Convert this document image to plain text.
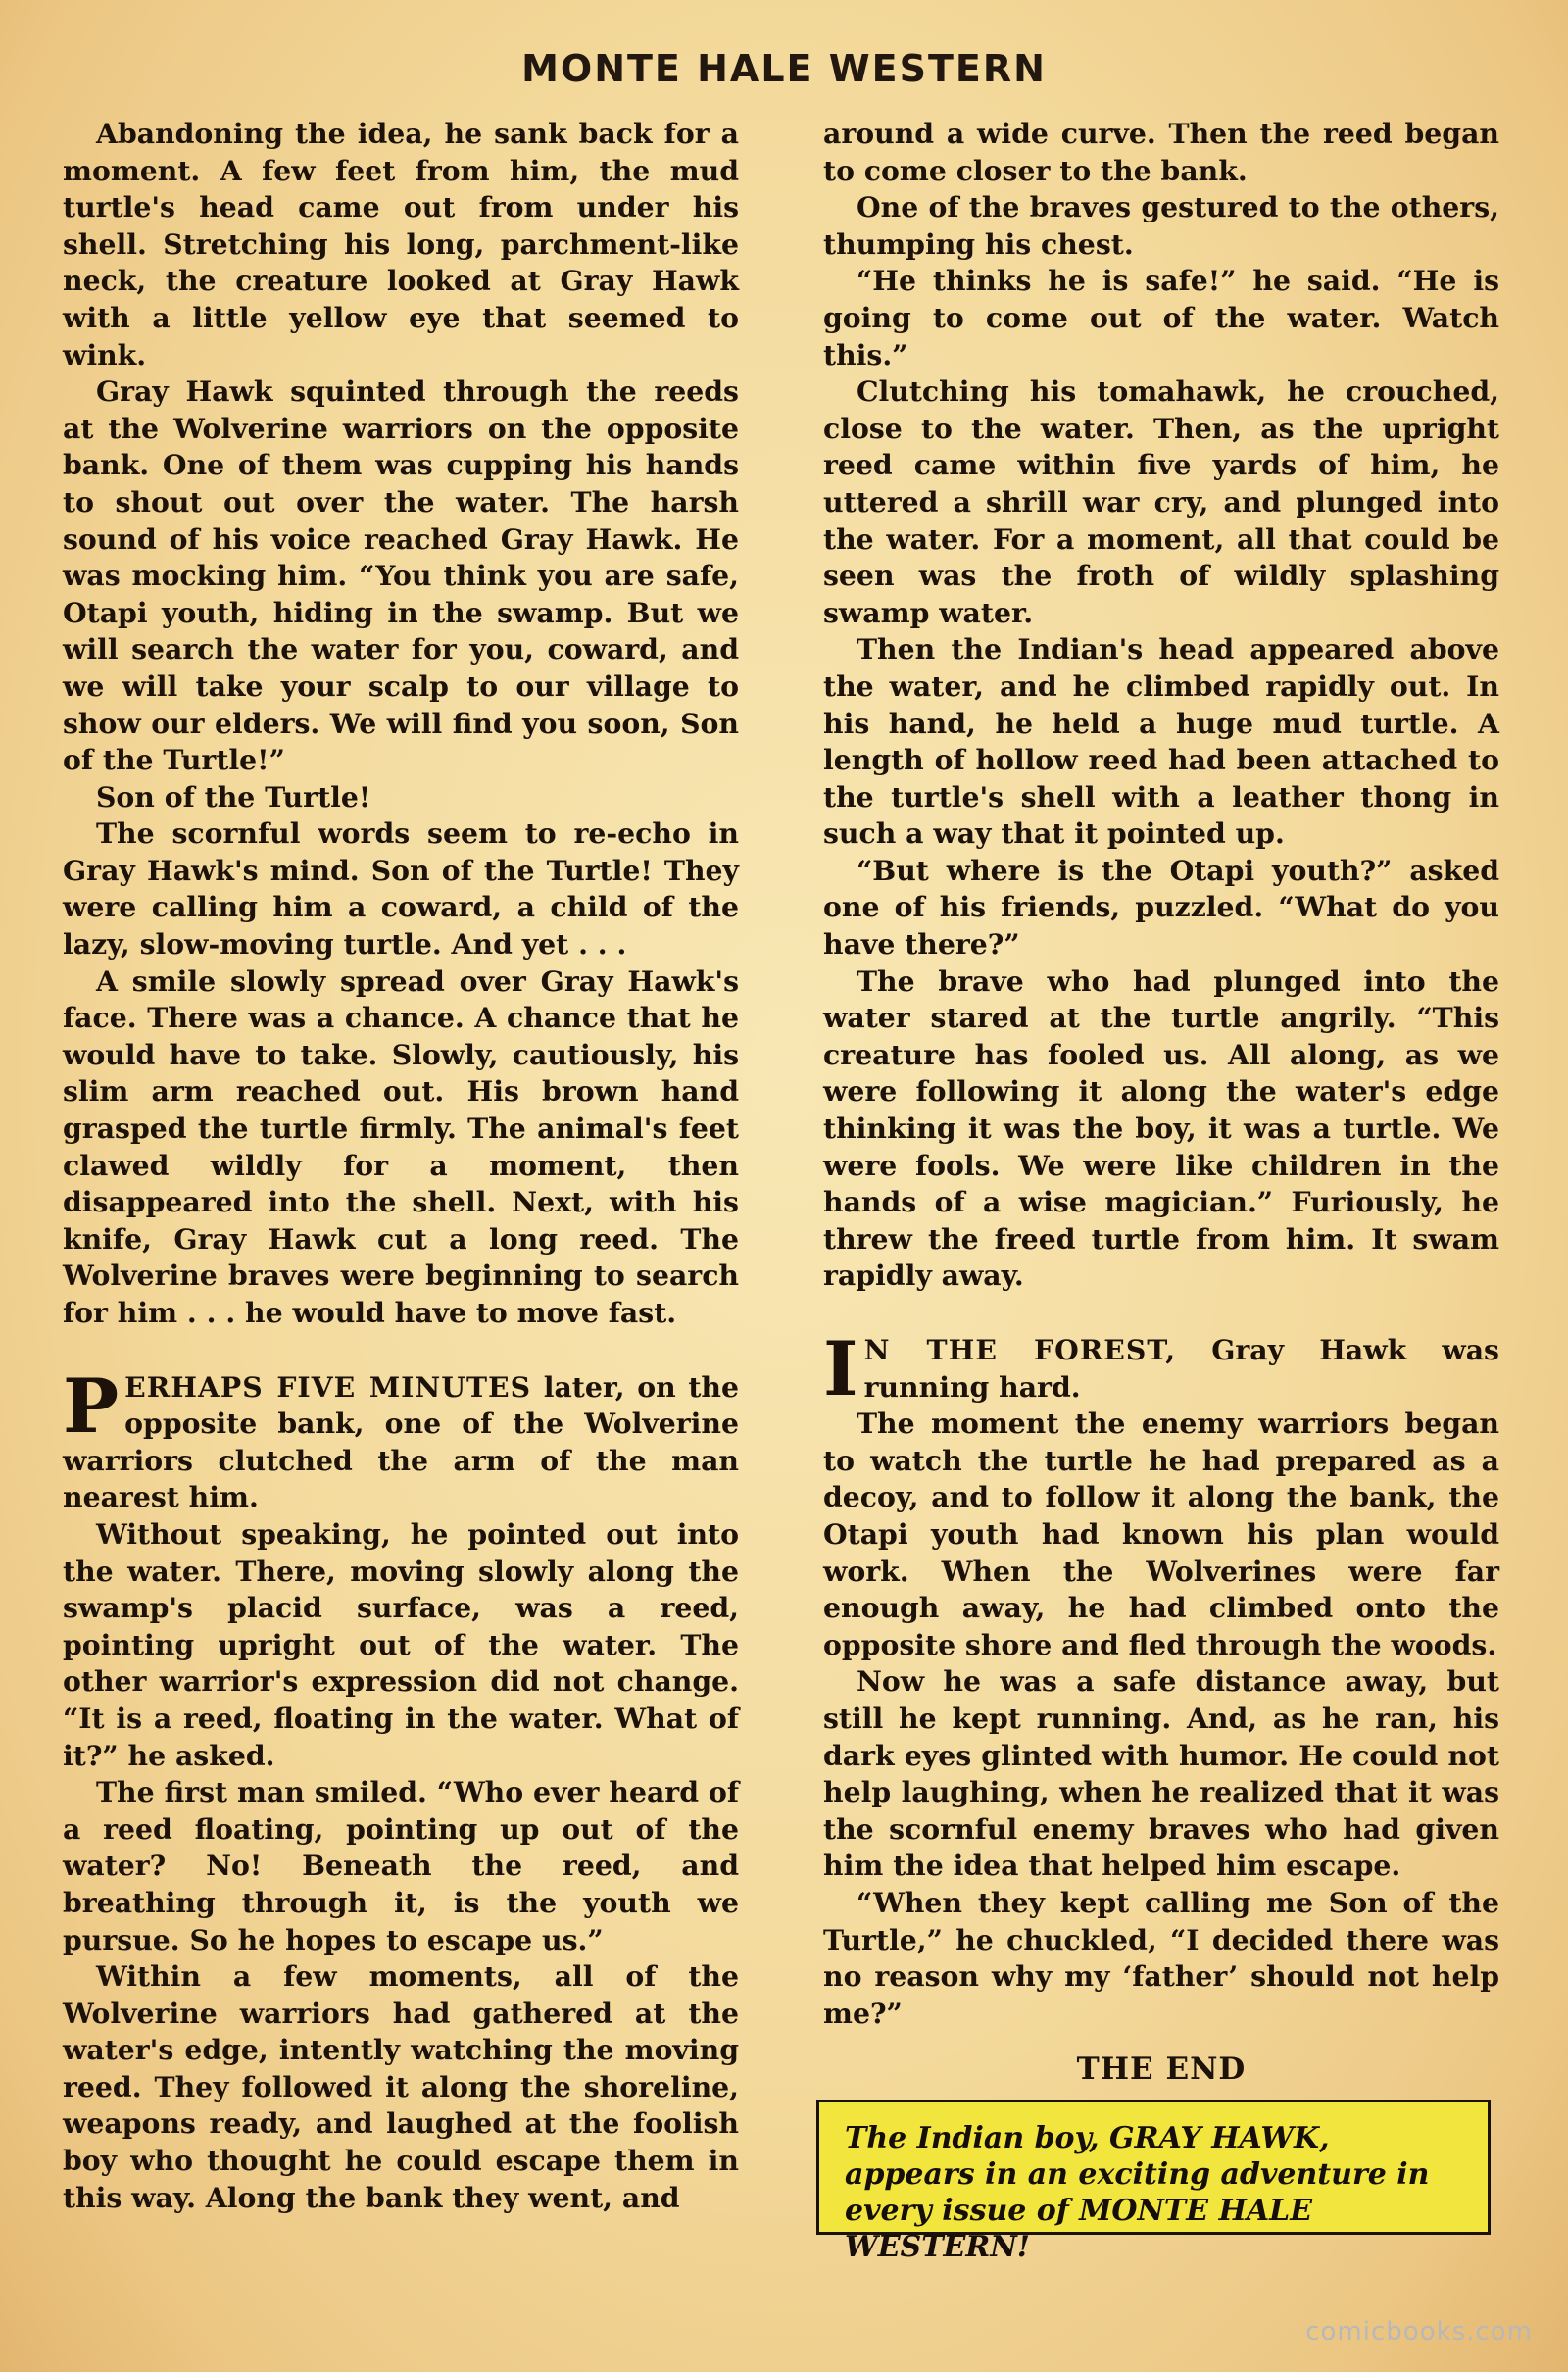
MONTE HALE WESTERN

Abandoning the idea, he sank back for a moment. A few feet from him, the mud turtle's head came out from under his shell. Stretching his long, parchment-like neck, the creature looked at Gray Hawk with a little yellow eye that seemed to wink.

Gray Hawk squinted through the reeds at the Wolverine warriors on the opposite bank. One of them was cupping his hands to shout out over the water. The harsh sound of his voice reached Gray Hawk. He was mocking him. “You think you are safe, Otapi youth, hiding in the swamp. But we will search the water for you, coward, and we will take your scalp to our village to show our elders. We will find you soon, Son of the Turtle!”

Son of the Turtle!

The scornful words seem to re-echo in Gray Hawk's mind. Son of the Turtle! They were calling him a coward, a child of the lazy, slow-moving turtle. And yet . . .

A smile slowly spread over Gray Hawk's face. There was a chance. A chance that he would have to take. Slowly, cautiously, his slim arm reached out. His brown hand grasped the turtle firmly. The animal's feet clawed wildly for a moment, then disappeared into the shell. Next, with his knife, Gray Hawk cut a long reed. The Wolverine braves were beginning to search for him . . . he would have to move fast.

PERHAPS FIVE MINUTES later, on the opposite bank, one of the Wolverine warriors clutched the arm of the man nearest him.

Without speaking, he pointed out into the water. There, moving slowly along the swamp's placid surface, was a reed, pointing upright out of the water. The other warrior's expression did not change. “It is a reed, floating in the water. What of it?” he asked.

The first man smiled. “Who ever heard of a reed floating, pointing up out of the water? No! Beneath the reed, and breathing through it, is the youth we pursue. So he hopes to escape us.”

Within a few moments, all of the Wolverine warriors had gathered at the water's edge, intently watching the moving reed. They followed it along the shoreline, weapons ready, and laughed at the foolish boy who thought he could escape them in this way. Along the bank they went, and

around a wide curve. Then the reed began to come closer to the bank.

One of the braves gestured to the others, thumping his chest.

“He thinks he is safe!” he said. “He is going to come out of the water. Watch this.”

Clutching his tomahawk, he crouched, close to the water. Then, as the upright reed came within five yards of him, he uttered a shrill war cry, and plunged into the water. For a moment, all that could be seen was the froth of wildly splashing swamp water.

Then the Indian's head appeared above the water, and he climbed rapidly out. In his hand, he held a huge mud turtle. A length of hollow reed had been attached to the turtle's shell with a leather thong in such a way that it pointed up.

“But where is the Otapi youth?” asked one of his friends, puzzled. “What do you have there?”

The brave who had plunged into the water stared at the turtle angrily. “This creature has fooled us. All along, as we were following it along the water's edge thinking it was the boy, it was a turtle. We were fools. We were like children in the hands of a wise magician.” Furiously, he threw the freed turtle from him. It swam rapidly away.

I N THE FOREST, Gray Hawk was running hard.

The moment the enemy warriors began to watch the turtle he had prepared as a decoy, and to follow it along the bank, the Otapi youth had known his plan would work. When the Wolverines were far enough away, he had climbed onto the opposite shore and fled through the woods.

Now he was a safe distance away, but still he kept running. And, as he ran, his dark eyes glinted with humor. He could not help laughing, when he realized that it was the scornful enemy braves who had given him the idea that helped him escape.

“When they kept calling me Son of the Turtle,” he chuckled, “I decided there was no reason why my ‘father’ should not help me?”

THE END
The Indian boy, GRAY HAWK, appears in an exciting adventure in every issue of MONTE HALE WESTERN!
comicbooks.com
